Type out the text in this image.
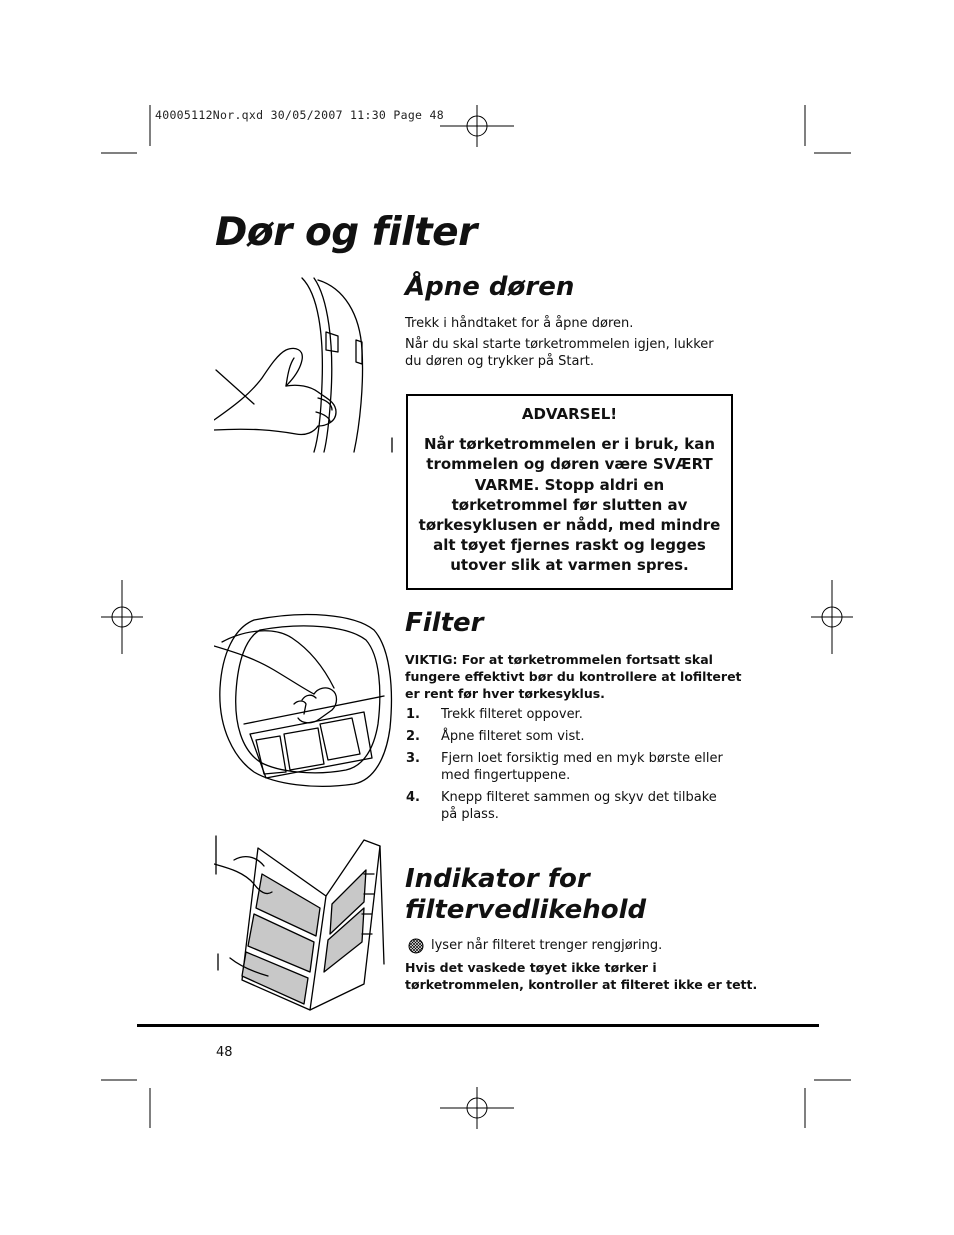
40005112Nor.qxd 30/05/2007 11:30 Page 48
Dør og filter
Åpne døren
Trekk i håndtaket for å åpne døren.
Når du skal starte tørketrommelen igjen, lukker
du døren og trykker på Start.
ADVARSEL!
Når tørketrommelen er i bruk, kan
trommelen og døren være SVÆRT
VARME. Stopp aldri en
tørketrommel før slutten av
tørkesyklusen er nådd, med mindre
alt tøyet fjernes raskt og legges
utover slik at varmen spres.
Filter
VIKTIG: For at tørketrommelen fortsatt skal
fungere effektivt bør du kontrollere at lofilteret
er rent før hver tørkesyklus.
1.	Trekk filteret oppover.
2.	Åpne filteret som vist.
3.	Fjern loet forsiktig med en myk børste eller
med fingertuppene.
4.	Knepp filteret sammen og skyv det tilbake
på plass.
Indikator for
filtervedlikehold
lyser når filteret trenger rengjøring.
Hvis det vaskede tøyet ikke tørker i
tørketrommelen, kontroller at filteret ikke er tett.
48
